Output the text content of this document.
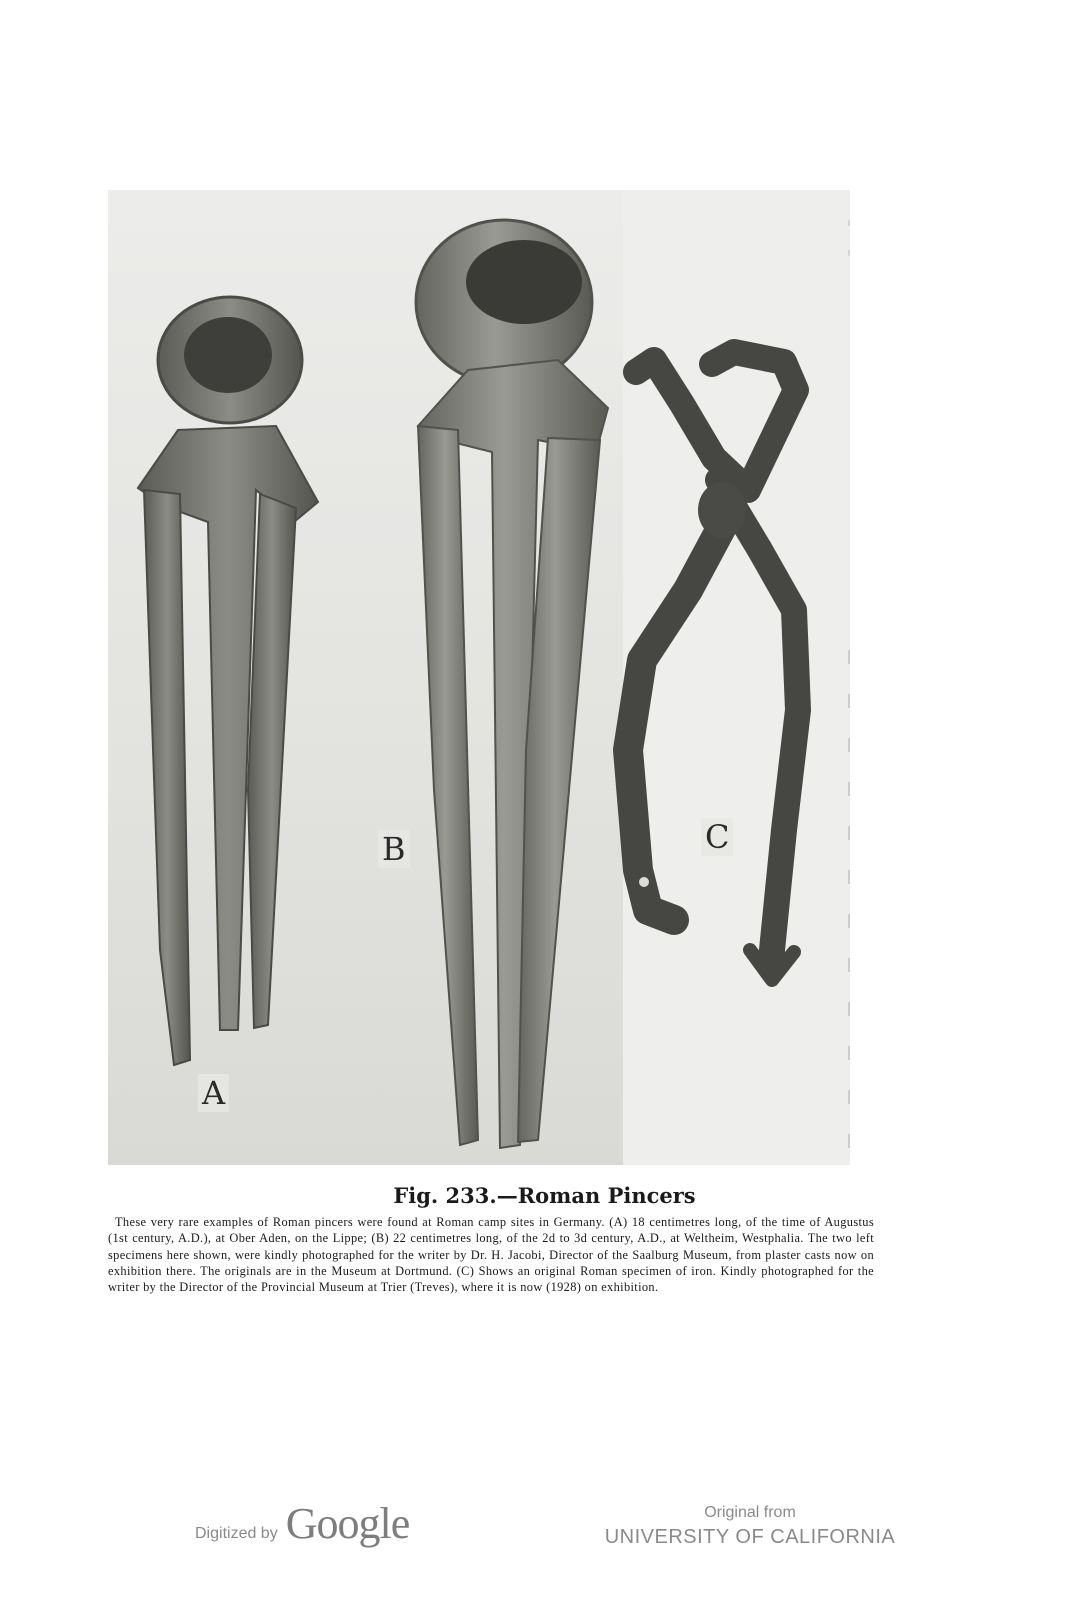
A
B	C
Fig. 233.—Roman Pincers
These very rare examples of Roman pincers were found at Roman camp sites in Germany. (A) 18 centimetres long, of the time of Augustus (1st century, A.D.), at Ober Aden, on the Lippe; (B) 22 centimetres long, of the 2d to 3d century, A.D., at Weltheim, Westphalia. The two left specimens here shown, were kindly photographed for the writer by Dr. H. Jacobi, Director of the Saalburg Museum, from plaster casts now on exhibition there. The originals are in the Museum at Dortmund. (C) Shows an original Roman specimen of iron. Kindly photographed for the writer by the Director of the Provincial Museum at Trier (Treves), where it is now (1928) on exhibition.
Digitized by Google	Original from
UNIVERSITY OF CALIFORNIA
